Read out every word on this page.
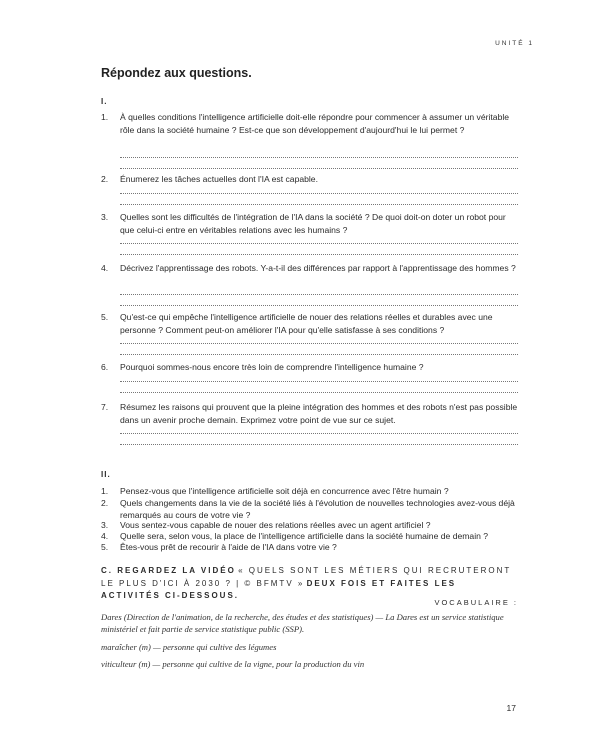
UNITÉ 1
Répondez aux questions.
I.
1.	À quelles conditions l'intelligence artificielle doit-elle répondre pour commencer à assumer un véritable rôle dans la société humaine ? Est-ce que son développement d'aujourd'hui le lui permet ?
2.	Énumerez les tâches actuelles dont l'IA est capable.
3.	Quelles sont les difficultés de l'intégration de l'IA dans la société ? De quoi doit-on doter un robot pour que celui-ci entre en véritables relations avec les humains ?
4.	Décrivez l'apprentissage des robots. Y-a-t-il des différences par rapport à l'apprentissage des hommes ?
5.	Qu'est-ce qui empêche l'intelligence artificielle de nouer des relations réelles et durables avec une personne ? Comment peut-on améliorer l'IA pour qu'elle satisfasse à ses conditions ?
6.	Pourquoi sommes-nous encore très loin de comprendre l'intelligence humaine ?
7.	Résumez les raisons qui prouvent que la pleine intégration des hommes et des robots n'est pas possible dans un avenir proche demain. Exprimez votre point de vue sur ce sujet.
II.
1.	Pensez-vous que l'intelligence artificielle soit déjà en concurrence avec l'être humain ?
2.	Quels changements dans la vie de la société liés à l'évolution de nouvelles technologies avez-vous déjà remarqués au cours de votre vie ?
3.	Vous sentez-vous capable de nouer des relations réelles avec un agent artificiel ?
4.	Quelle sera, selon vous, la place de l'intelligence artificielle dans la société humaine de demain ?
5.	Êtes-vous prêt de recourir à l'aide de l'IA dans votre vie ?
C. REGARDEZ LA VIDÉO « QUELS SONT LES MÉTIERS QUI RECRUTERONT LE PLUS D'ICI À 2030 ? | © BFMTV » DEUX FOIS ET FAITES LES ACTIVITÉS CI-DESSOUS.
VOCABULAIRE :
Dares (Direction de l'animation, de la recherche, des études et des statistiques) — La Dares est un service statistique ministériel et fait partie de service statistique public (SSP).
maraîcher (m) — personne qui cultive des légumes
viticulteur (m) — personne qui cultive de la vigne, pour la production du vin
17
